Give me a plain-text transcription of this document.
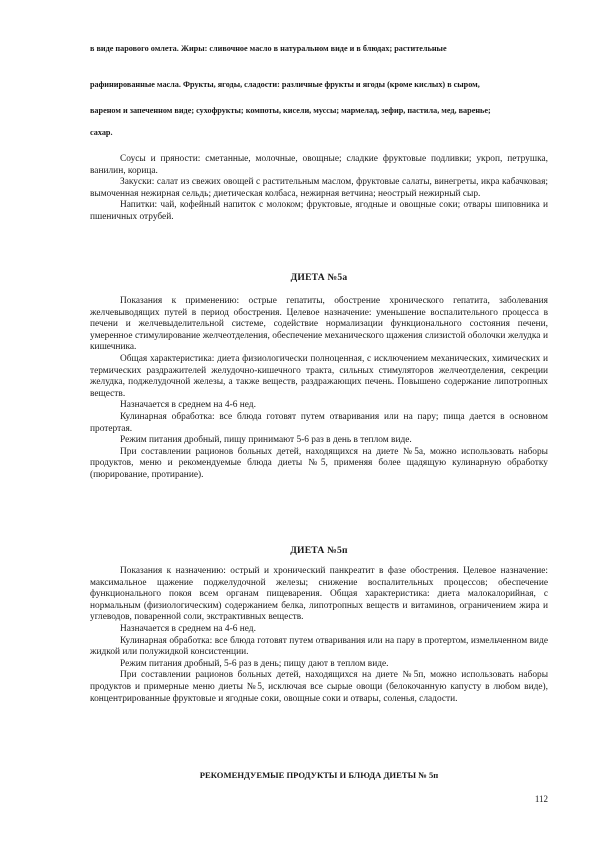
в виде парового омлета. Жиры: сливочное масло в натуральном виде и в блюдах; растительные
рафинированные масла. Фрукты, ягоды, сладости: различные фрукты и ягоды (кроме кислых) в сыром,
вареном и запеченном виде; сухофрукты; компоты, кисели, муссы; мармелад, зефир, пастила, мед, варенье;
сахар.

Соусы и пряности: сметанные, молочные, овощные; сладкие фруктовые подливки; укроп, петрушка, ванилин, корица.

Закуски: салат из свежих овощей с растительным маслом, фруктовые салаты, винегреты, икра кабачковая; вымоченная нежирная сельдь; диетическая колбаса, нежирная ветчина; неострый нежирный сыр.

Напитки: чай, кофейный напиток с молоком; фруктовые, ягодные и овощные соки; отвары шиповника и пшеничных отрубей.

ДИЕТА №5а

Показания к применению: острые гепатиты, обострение хронического гепатита, заболевания желчевыводящих путей в период обострения. Целевое назначение: уменьшение воспалительного процесса в печени и желчевыделительной системе, содействие нормализации функционального состояния печени, умеренное стимулирование желчеотделения, обеспечение механического щажения слизистой оболочки желудка и кишечника.

Общая характеристика: диета физиологически полноценная, с исключением механических, химических и термических раздражителей желудочно-кишечного тракта, сильных стимуляторов желчеотделения, секреции желудка, поджелудочной железы, а также веществ, раздражающих печень. Повышено содержание липотропных веществ.

Назначается в среднем на 4-6 нед.

Кулинарная обработка: все блюда готовят путем отваривания или на пару; пища дается в основном протертая.

Режим питания дробный, пищу принимают 5-6 раз в день в теплом виде.

При составлении рационов больных детей, находящихся на диете №5а, можно использовать наборы продуктов, меню и рекомендуемые блюда диеты №5, применяя более щадящую кулинарную обработку (пюрирование, протирание).

ДИЕТА №5п

Показания к назначению: острый и хронический панкреатит в фазе обострения. Целевое назначение: максимальное щажение поджелудочной железы; снижение воспалительных процессов; обеспечение функционального покоя всем органам пищеварения. Общая характеристика: диета малокалорийная, с нормальным (физиологическим) содержанием белка, липотропных веществ и витаминов, ограничением жира и углеводов, поваренной соли, экстрактивных веществ.

Назначается в среднем на 4-6 нед.

Кулинарная обработка: все блюда готовят путем отваривания или на пару в протертом, измельченном виде жидкой или полужидкой консистенции.

Режим питания дробный, 5-6 раз в день; пищу дают в теплом виде.

При составлении рационов больных детей, находящихся на диете №5п, можно использовать наборы продуктов и примерные меню диеты №5, исключая все сырые овощи (белокочанную капусту в любом виде), концентрированные фруктовые и ягодные соки, овощные соки и отвары, соленья, сладости.

РЕКОМЕНДУЕМЫЕ ПРОДУКТЫ И БЛЮДА ДИЕТЫ № 5п
112
